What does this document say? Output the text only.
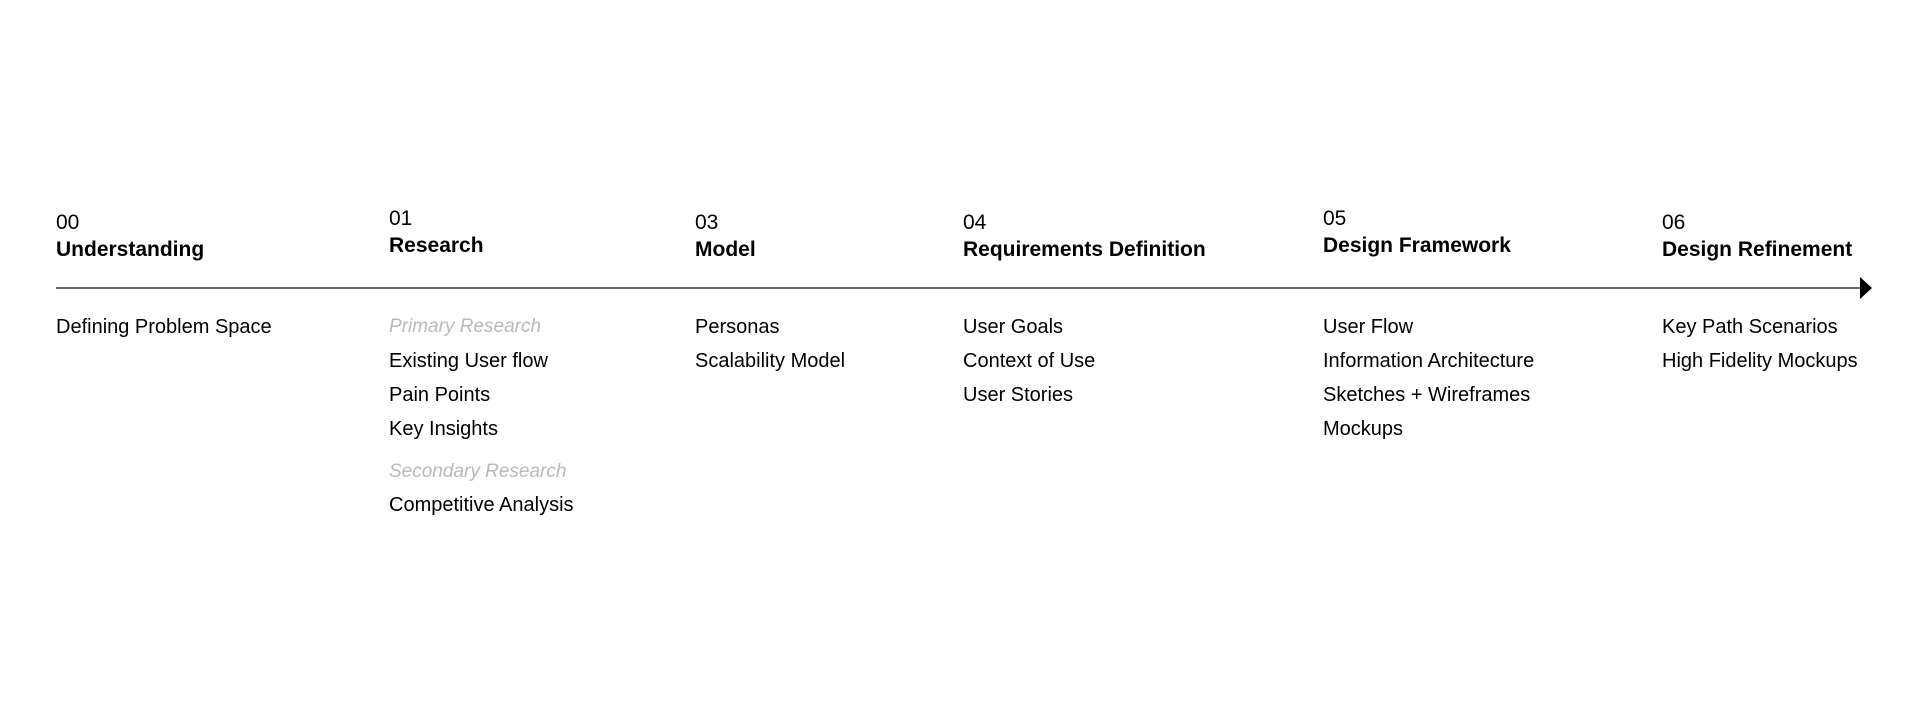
00
Understanding
Defining Problem Space
01
Research
Primary Research
Existing User flow
Pain Points
Key Insights
Secondary Research
Competitive Analysis
03
Model
Personas
Scalability Model
04
Requirements Definition
User Goals
Context of Use
User Stories
05
Design Framework
User Flow
Information Architecture
Sketches + Wireframes
Mockups
06
Design Refinement
Key Path Scenarios
High Fidelity Mockups
